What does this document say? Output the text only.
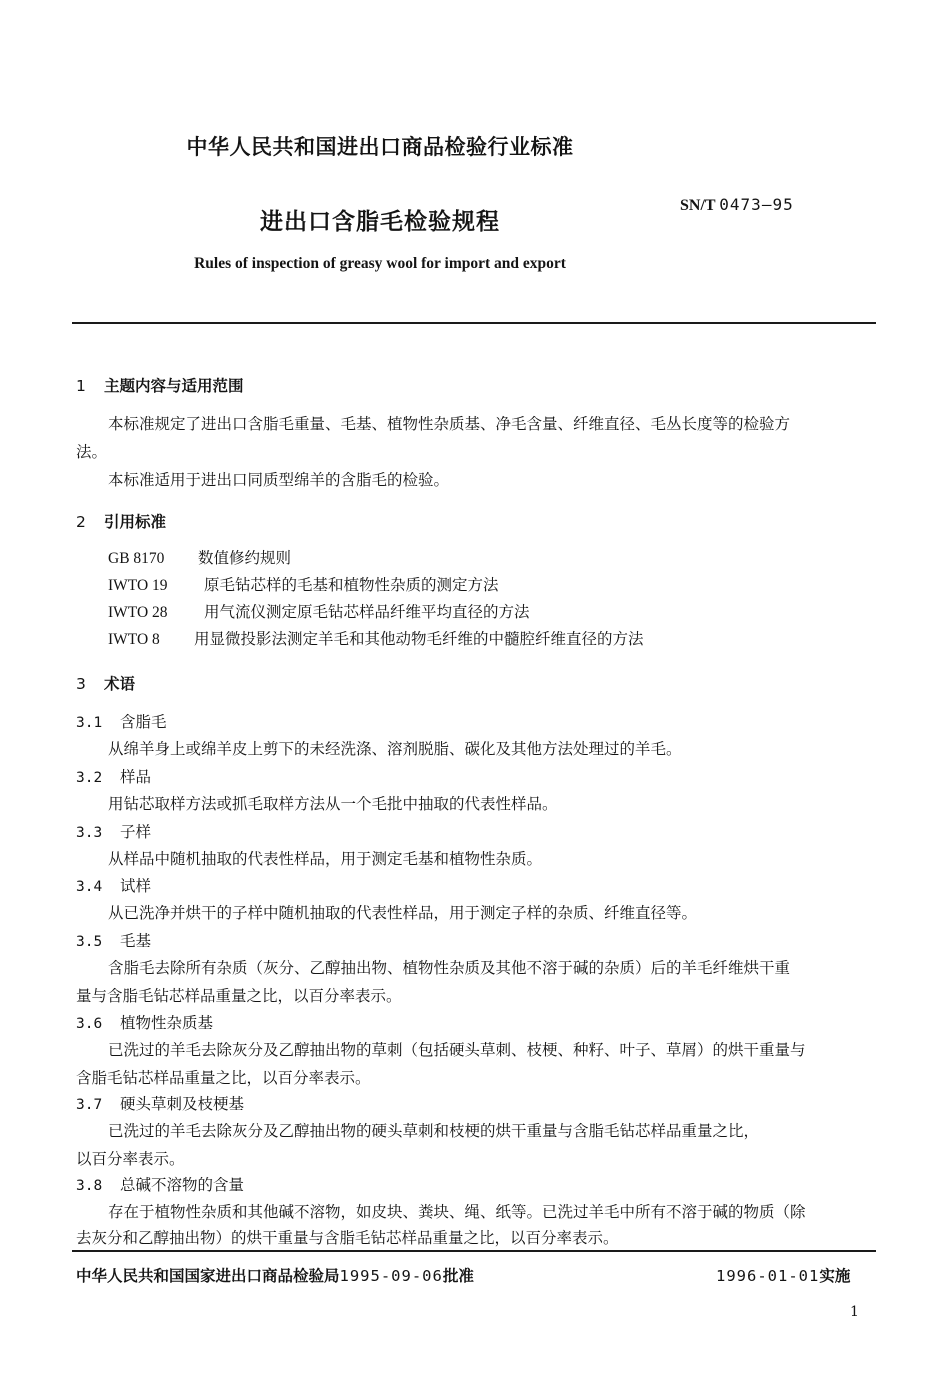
中华人民共和国进出口商品检验行业标准
进出口含脂毛检验规程
SN/T 0473—95
Rules of inspection of greasy wool for import and export
1 主题内容与适用范围
本标准规定了进出口含脂毛重量、毛基、植物性杂质基、净毛含量、纤维直径、毛丛长度等的检验方
法。
本标准适用于进出口同质型绵羊的含脂毛的检验。
2 引用标准
GB 8170 数值修约规则
IWTO 19 原毛钻芯样的毛基和植物性杂质的测定方法
IWTO 28 用气流仪测定原毛钻芯样品纤维平均直径的方法
IWTO 8 用显微投影法测定羊毛和其他动物毛纤维的中髓腔纤维直径的方法
3 术语
3.1 含脂毛
从绵羊身上或绵羊皮上剪下的未经洗涤、溶剂脱脂、碳化及其他方法处理过的羊毛。
3.2 样品
用钻芯取样方法或抓毛取样方法从一个毛批中抽取的代表性样品。
3.3 子样
从样品中随机抽取的代表性样品，用于测定毛基和植物性杂质。
3.4 试样
从已洗净并烘干的子样中随机抽取的代表性样品，用于测定子样的杂质、纤维直径等。
3.5 毛基
含脂毛去除所有杂质（灰分、乙醇抽出物、植物性杂质及其他不溶于碱的杂质）后的羊毛纤维烘干重
量与含脂毛钻芯样品重量之比，以百分率表示。
3.6 植物性杂质基
已洗过的羊毛去除灰分及乙醇抽出物的草刺（包括硬头草刺、枝梗、种籽、叶子、草屑）的烘干重量与
含脂毛钻芯样品重量之比，以百分率表示。
3.7 硬头草刺及枝梗基
已洗过的羊毛去除灰分及乙醇抽出物的硬头草刺和枝梗的烘干重量与含脂毛钻芯样品重量之比，
以百分率表示。
3.8 总碱不溶物的含量
存在于植物性杂质和其他碱不溶物，如皮块、粪块、绳、纸等。已洗过羊毛中所有不溶于碱的物质（除
去灰分和乙醇抽出物）的烘干重量与含脂毛钻芯样品重量之比，以百分率表示。
中华人民共和国国家进出口商品检验局1995-09-06批准	1996-01-01实施
1
